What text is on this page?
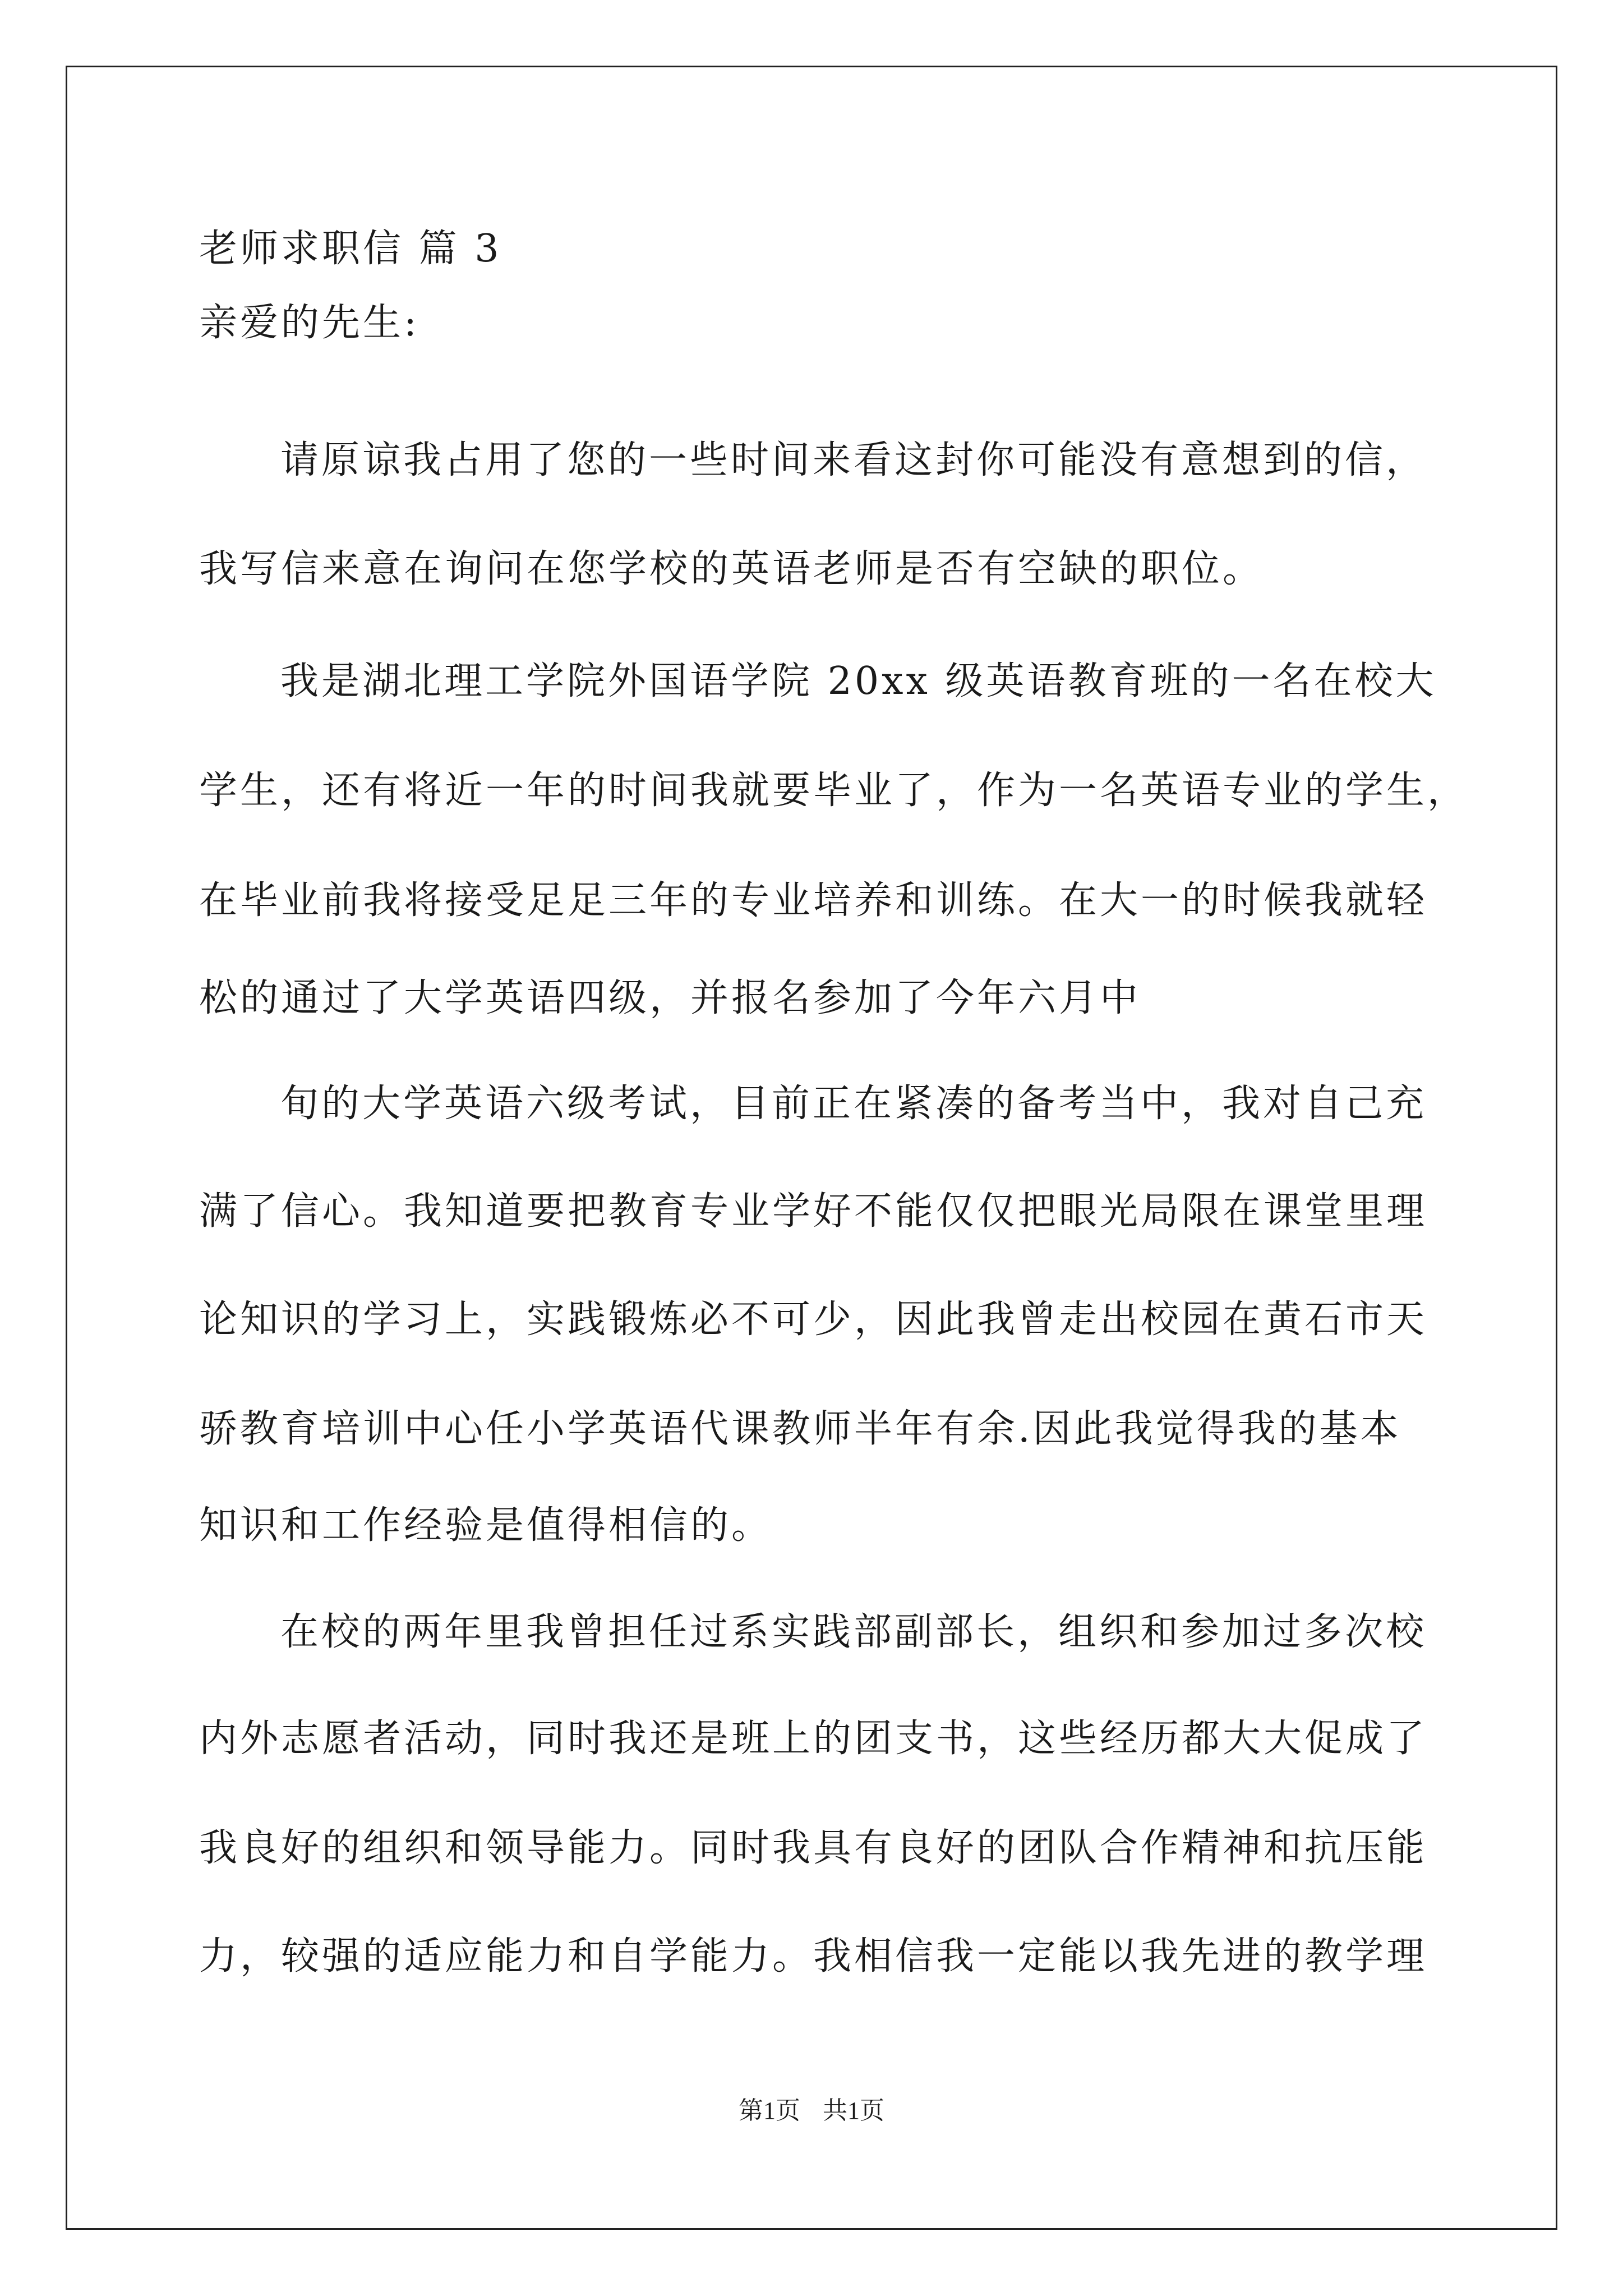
老师求职信 篇 3
亲爱的先生:
请原谅我占用了您的一些时间来看这封你可能没有意想到的信，
我写信来意在询问在您学校的英语老师是否有空缺的职位。
我是湖北理工学院外国语学院 20xx 级英语教育班的一名在校大
学生，还有将近一年的时间我就要毕业了，作为一名英语专业的学生，
在毕业前我将接受足足三年的专业培养和训练。在大一的时候我就轻
松的通过了大学英语四级，并报名参加了今年六月中
旬的大学英语六级考试，目前正在紧凑的备考当中，我对自己充
满了信心。我知道要把教育专业学好不能仅仅把眼光局限在课堂里理
论知识的学习上，实践锻炼必不可少，因此我曾走出校园在黄石市天
骄教育培训中心任小学英语代课教师半年有余.因此我觉得我的基本
知识和工作经验是值得相信的。
在校的两年里我曾担任过系实践部副部长，组织和参加过多次校
内外志愿者活动，同时我还是班上的团支书，这些经历都大大促成了
我良好的组织和领导能力。同时我具有良好的团队合作精神和抗压能
力，较强的适应能力和自学能力。我相信我一定能以我先进的教学理
第1页 共1页
